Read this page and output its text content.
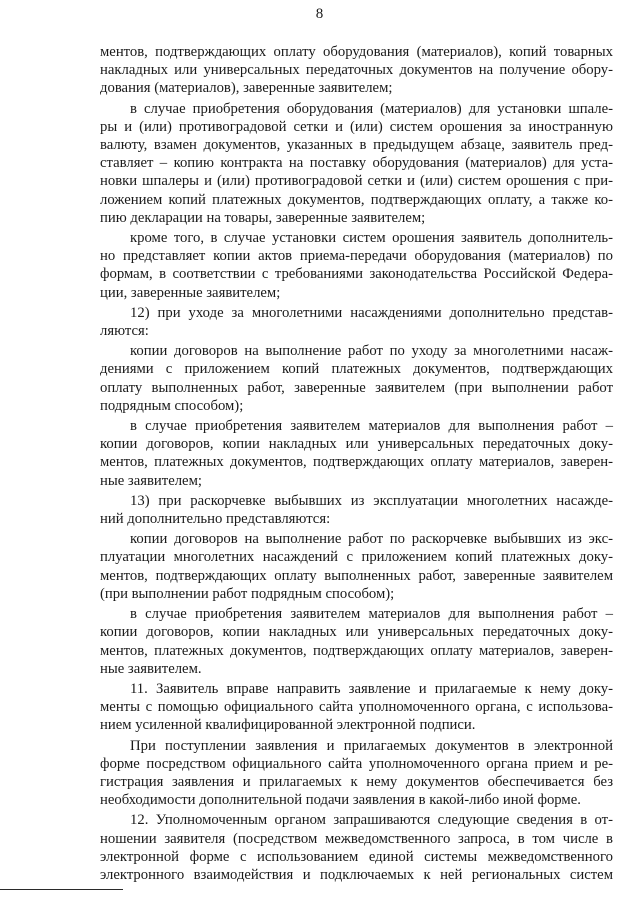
8

ментов, подтверждающих оплату оборудования (материалов), копий товарных

накладных или универсальных передаточных документов на получение обору-

дования (материалов), заверенные заявителем;

в случае приобретения оборудования (материалов) для установки шпале-

ры и (или) противоградовой сетки и (или) систем орошения за иностранную

валюту, взамен документов, указанных в предыдущем абзаце, заявитель пред-

ставляет – копию контракта на поставку оборудования (материалов) для уста-

новки шпалеры и (или) противоградовой сетки и (или) систем орошения с при-

ложением копий платежных документов, подтверждающих оплату, а также ко-

пию декларации на товары, заверенные заявителем;

кроме того, в случае установки систем орошения заявитель дополнитель-

но представляет копии актов приема-передачи оборудования (материалов) по

формам, в соответствии с требованиями законодательства Российской Федера-

ции, заверенные заявителем;

12) при уходе за многолетними насаждениями дополнительно представ-

ляются:

копии договоров на выполнение работ по уходу за многолетними насаж-

дениями с приложением копий платежных документов, подтверждающих

оплату выполненных работ, заверенные заявителем (при выполнении работ

подрядным способом);

в случае приобретения заявителем материалов для выполнения работ –

копии договоров, копии накладных или универсальных передаточных доку-

ментов, платежных документов, подтверждающих оплату материалов, заверен-

ные заявителем;

13) при раскорчевке выбывших из эксплуатации многолетних насажде-

ний дополнительно представляются:

копии договоров на выполнение работ по раскорчевке выбывших из экс-

плуатации многолетних насаждений с приложением копий платежных доку-

ментов, подтверждающих оплату выполненных работ, заверенные заявителем

(при выполнении работ подрядным способом);

в случае приобретения заявителем материалов для выполнения работ –

копии договоров, копии накладных или универсальных передаточных доку-

ментов, платежных документов, подтверждающих оплату материалов, заверен-

ные заявителем.

11. Заявитель вправе направить заявление и прилагаемые к нему доку-

менты с помощью официального сайта уполномоченного органа, с использова-

нием усиленной квалифицированной электронной подписи.

При поступлении заявления и прилагаемых документов в электронной

форме посредством официального сайта уполномоченного органа прием и ре-

гистрация заявления и прилагаемых к нему документов обеспечивается без

необходимости дополнительной подачи заявления в какой-либо иной форме.

12. Уполномоченным органом запрашиваются следующие сведения в от-

ношении заявителя (посредством межведомственного запроса, в том числе в

электронной форме с использованием единой системы межведомственного

электронного взаимодействия и подключаемых к ней региональных систем
